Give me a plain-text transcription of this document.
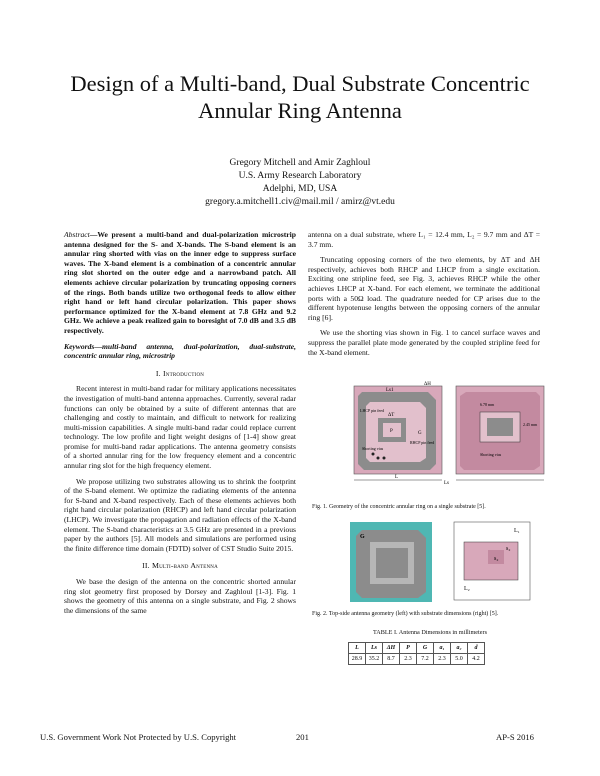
Design of a Multi-band, Dual Substrate Concentric Annular Ring Antenna
Gregory Mitchell and Amir Zaghloul
U.S. Army Research Laboratory
Adelphi, MD, USA
gregory.a.mitchell1.civ@mail.mil / amirz@vt.edu

Abstract—We present a multi-band and dual-polarization microstrip antenna designed for the S- and X-bands. The S-band element is an annular ring shorted with vias on the inner edge to suppress surface waves. The X-band element is a combination of a concentric annular ring slot shorted on the outer edge and a narrowband patch. All elements achieve circular polarization by truncating opposing corners of the rings. Both bands utilize two orthogonal feeds to allow either right hand or left hand circular polarization. This paper shows performance optimized for the X-band element at 7.8 GHz and 9.2 GHz. We achieve a peak realized gain to boresight of 7.0 dB and 3.5 dB respectively.

Keywords—multi-band antenna, dual-polarization, dual-substrate, concentric annular ring, microstrip

I. Introduction

Recent interest in multi-band radar for military applications necessitates the investigation of multi-band antenna approaches. Currently, several radar functions can only be obtained by a suite of different antennas that are challenging and costly to maintain, and difficult to network for realizing multi-mission capabilities. A single multi-band radar could replace current technology. The low profile and light weight designs of [1-4] show great promise for multi-band radar applications. The antenna geometry consists of a shorted annular ring for the low frequency element and a concentric annular ring slot for the high frequency element.

We propose utilizing two substrates allowing us to shrink the footprint of the S-band element. We optimize the radiating elements of the antenna for S-band and X-band respectively. Each of these elements achieves both right hand circular polarization (RHCP) and left hand circular polarization (LHCP). We investigate the propagation and radiation effects of the X-band element. The S-band characteristics at 3.5 GHz are presented in a previous paper by the authors [5]. All models and simulations are performed using the finite difference time domain (FDTD) solver of CST Studio Suite 2015.

II. Multi-band Antenna

We base the design of the antenna on the concentric shorted annular ring slot geometry first proposed by Dorsey and Zaghloul [1-3]. Fig. 1 shows the geometry of this antenna on a single substrate, and Fig. 2 shows the dimensions of the same

antenna on a dual substrate, where L₁ = 12.4 mm, L₂ = 9.7 mm and ΔT = 3.7 mm.

Truncating opposing corners of the two elements, by ΔT and ΔH respectively, achieves both RHCP and LHCP from a single excitation. Exciting one stripline feed, see Fig. 3, achieves RHCP while the other achieves LHCP at X-band. For each element, we terminate the additional ports with a 50Ω load. The quadrature needed for CP arises due to the different hypotenuse lengths between the opposing corners of the annular ring [6].

We use the shorting vias shown in Fig. 1 to cancel surface waves and suppress the parallel plate mode generated by the coupled stripline feed for the X-band element.

Ls1
ΔH
ΔT
LHCP pin feed
RHCP pin feed
Shorting vias
P	G
L
Ls
6.78 mm
2.45 mm
Shorting vias
Fig. 1. Geometry of the concentric annular ring on a single substrate [5].
G
L₁
s₂
s₂
L₂
Fig. 2. Top-side antenna geometry (left) with substrate dimensions (right) [5].
TABLE I. Antenna Dimensions in millimeters
L	Ls	ΔH	P	G	a₁	a₂	d
28.9	35.2	8.7	2.3	7.2	2.3	5.0	4.2
U.S. Government Work Not Protected by U.S. Copyright	201	AP-S 2016
